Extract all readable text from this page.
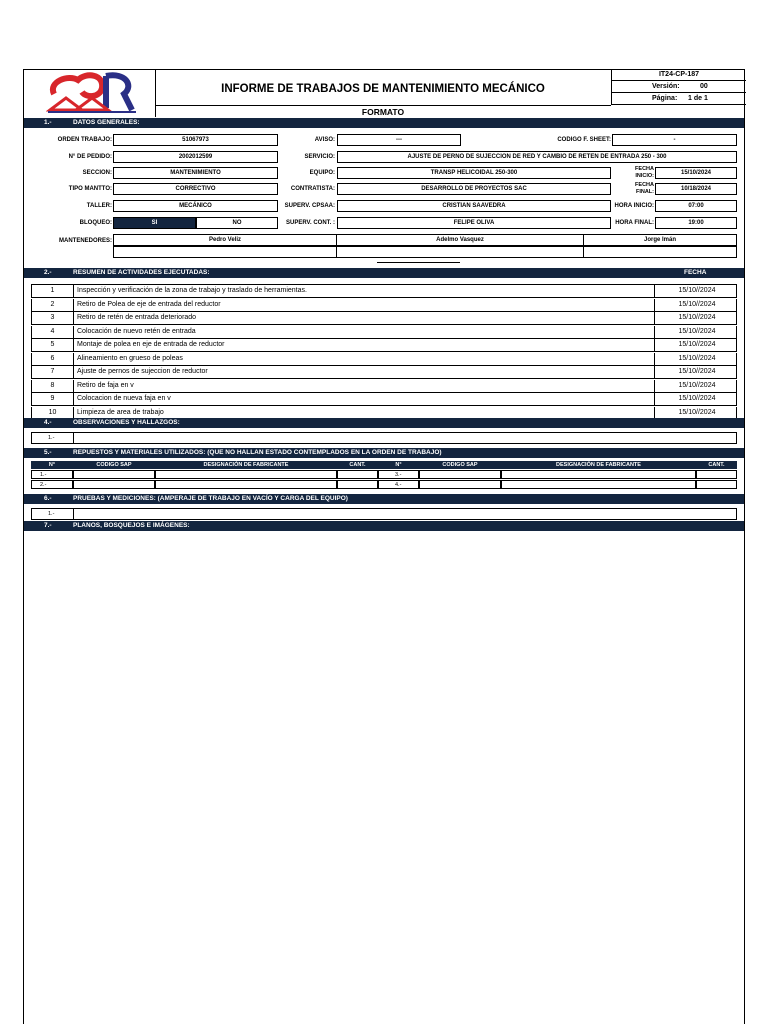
INFORME DE TRABAJOS DE MANTENIMIENTO MECÁNICO
FORMATO
IT24-CP-187
Versión:	00
Página: 1 de 1
1.-	DATOS GENERALES:
ORDEN TRABAJO:	51067973	AVISO:	---	CODIGO F. SHEET:	-
N° DE PEDIDO:	2002012599	SERVICIO:	AJUSTE DE PERNO DE SUJECCION DE RED Y CAMBIO DE RETEN DE ENTRADA 250 - 300
SECCION:	MANTENIMIENTO	EQUIPO:	TRANSP HELICOIDAL 250-300
FECHA INICIO:	15/10/2024
TIPO MANTTO:	CORRECTIVO	CONTRATISTA:	DESARROLLO DE PROYECTOS SAC
FECHA FINAL:	10/18/2024
TALLER:	MECÁNICO	SUPERV. CPSAA:	CRISTIAN SAAVEDRA	HORA INICIO:	07:00
BLOQUEO:	SI	NO	SUPERV. CONT. :	FELIPE OLIVA	HORA FINAL:	19:00
MANTENEDORES:	Pedro Veliz	Adelmo Vasquez	Jorge Imán
2.-	RESUMEN DE ACTIVIDADES EJECUTADAS:	FECHA
1	Inspección y verificación de la zona de trabajo y traslado de herramientas.	15/10//2024
2	Retiro de Polea de eje de entrada del reductor	15/10//2024
3	Retiro de retén de entrada deteriorado	15/10//2024
4	Colocación de nuevo retén de entrada	15/10//2024
5	Montaje de polea en eje de entrada de reductor	15/10//2024
6	Alineamiento en grueso de poleas	15/10//2024
7	Ajuste de pernos de sujeccion de reductor	15/10//2024
8	Retiro de faja en v	15/10//2024
9	Colocacion de nueva faja en v	15/10//2024
10	Limpieza de area de trabajo	15/10//2024
4.-	OBSERVACIONES Y HALLAZGOS:
1.-
5.-	REPUESTOS Y MATERIALES UTILIZADOS: (QUE NO HALLAN ESTADO CONTEMPLADOS EN LA ORDEN DE TRABAJO)
N°	CODIGO SAP	DESIGNACIÓN DE FABRICANTE	CANT.	N°	CODIGO SAP	DESIGNACIÓN DE FABRICANTE	CANT.
1.-	3.-
2.-	4.-
6.-	PRUEBAS Y MEDICIONES: (AMPERAJE DE TRABAJO EN VACÍO Y CARGA DEL EQUIPO)
1.-
7.-	PLANOS, BOSQUEJOS E IMÁGENES:
